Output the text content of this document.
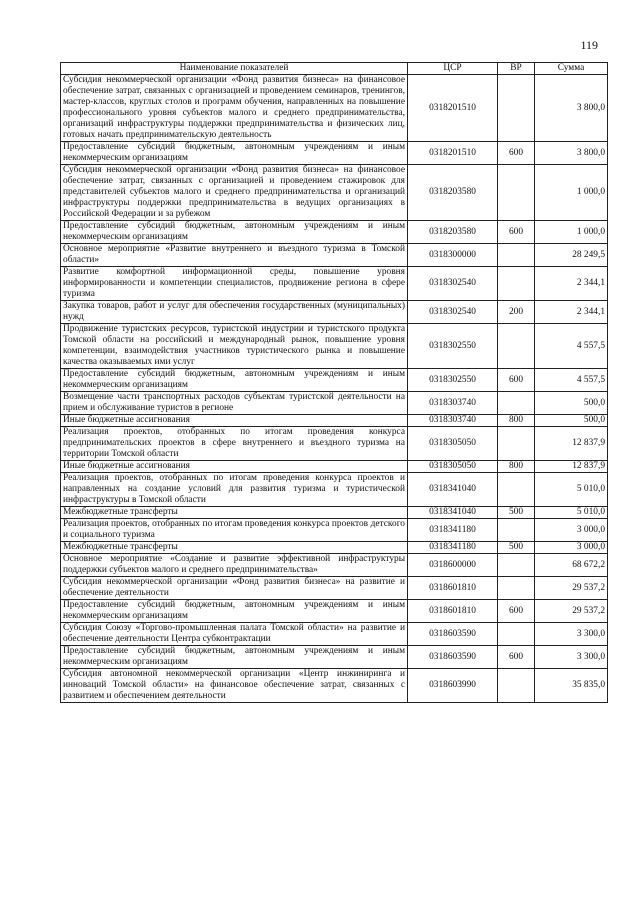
119
Наименование показателей	ЦСР	ВР	Сумма
Субсидия некоммерческой организации «Фонд развития бизнеса» на финансовое обеспечение затрат, связанных с организацией и проведением семинаров, тренингов, мастер-классов, круглых столов и программ обучения, направленных на повышение профессионального уровня субъектов малого и среднего предпринимательства, организаций инфраструктуры поддержки предпринимательства и физических лиц, готовых начать предпринимательскую деятельность	0318201510		3 800,0
Предоставление субсидий бюджетным, автономным учреждениям и иным некоммерческим организациям	0318201510	600	3 800,0
Субсидия некоммерческой организации «Фонд развития бизнеса» на финансовое обеспечение затрат, связанных с организацией и проведением стажировок для представителей субъектов малого и среднего предпринимательства и организаций инфраструктуры поддержки предпринимательства в ведущих организациях в Российской Федерации и за рубежом	0318203580		1 000,0
Предоставление субсидий бюджетным, автономным учреждениям и иным некоммерческим организациям	0318203580	600	1 000,0
Основное мероприятие «Развитие внутреннего и въездного туризма в Томской области»	0318300000		28 249,5
Развитие комфортной информационной среды, повышение уровня информированности и компетенции специалистов, продвижение региона в сфере туризма	0318302540		2 344,1
Закупка товаров, работ и услуг для обеспечения государственных (муниципальных) нужд	0318302540	200	2 344,1
Продвижение туристских ресурсов, туристской индустрии и туристского продукта Томской области на российский и международный рынок, повышение уровня компетенции, взаимодействия участников туристического рынка и повышение качества оказываемых ими услуг	0318302550		4 557,5
Предоставление субсидий бюджетным, автономным учреждениям и иным некоммерческим организациям	0318302550	600	4 557,5
Возмещение части транспортных расходов субъектам туристской деятельности на прием и обслуживание туристов в регионе	0318303740		500,0
Иные бюджетные ассигнования	0318303740	800	500,0
Реализация проектов, отобранных по итогам проведения конкурса предпринимательских проектов в сфере внутреннего и въездного туризма на территории Томской области	0318305050		12 837,9
Иные бюджетные ассигнования	0318305050	800	12 837,9
Реализация проектов, отобранных по итогам проведения конкурса проектов и направленных на создание условий для развития туризма и туристической инфраструктуры в Томской области	0318341040		5 010,0
Межбюджетные трансферты	0318341040	500	5 010,0
Реализация проектов, отобранных по итогам проведения конкурса проектов детского и социального туризма	0318341180		3 000,0
Межбюджетные трансферты	0318341180	500	3 000,0
Основное мероприятие «Создание и развитие эффективной инфраструктуры поддержки субъектов малого и среднего предпринимательства»	0318600000		68 672,2
Субсидия некоммерческой организации «Фонд развития бизнеса» на развитие и обеспечение деятельности	0318601810		29 537,2
Предоставление субсидий бюджетным, автономным учреждениям и иным некоммерческим организациям	0318601810	600	29 537,2
Субсидия Союзу «Торгово-промышленная палата Томской области» на развитие и обеспечение деятельности Центра субконтрактации	0318603590		3 300,0
Предоставление субсидий бюджетным, автономным учреждениям и иным некоммерческим организациям	0318603590	600	3 300,0
Субсидия автономной некоммерческой организации «Центр инжиниринга и инноваций Томской области» на финансовое обеспечение затрат, связанных с развитием и обеспечением деятельности	0318603990		35 835,0
